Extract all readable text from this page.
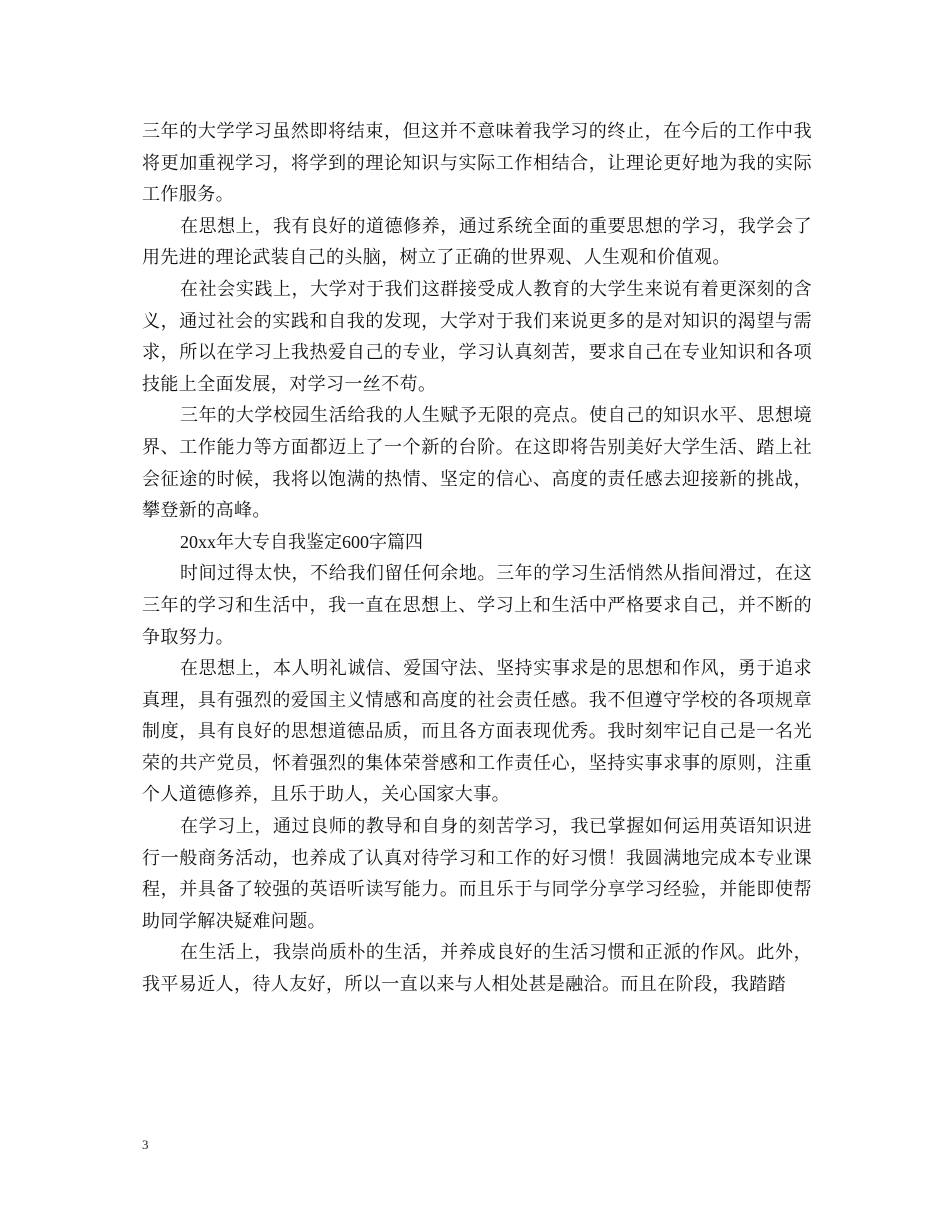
三年的大学学习虽然即将结束，但这并不意味着我学习的终止，在今后的工作中我将更加重视学习，将学到的理论知识与实际工作相结合，让理论更好地为我的实际工作服务。

在思想上，我有良好的道德修养，通过系统全面的重要思想的学习，我学会了用先进的理论武装自己的头脑，树立了正确的世界观、人生观和价值观。

在社会实践上，大学对于我们这群接受成人教育的大学生来说有着更深刻的含义，通过社会的实践和自我的发现，大学对于我们来说更多的是对知识的渴望与需求，所以在学习上我热爱自己的专业，学习认真刻苦，要求自己在专业知识和各项技能上全面发展，对学习一丝不苟。

三年的大学校园生活给我的人生赋予无限的亮点。使自己的知识水平、思想境界、工作能力等方面都迈上了一个新的台阶。在这即将告别美好大学生活、踏上社会征途的时候，我将以饱满的热情、坚定的信心、高度的责任感去迎接新的挑战，攀登新的高峰。

20xx年大专自我鉴定600字篇四

时间过得太快，不给我们留任何余地。三年的学习生活悄然从指间滑过，在这三年的学习和生活中，我一直在思想上、学习上和生活中严格要求自己，并不断的争取努力。

在思想上，本人明礼诚信、爱国守法、坚持实事求是的思想和作风，勇于追求真理，具有强烈的爱国主义情感和高度的社会责任感。我不但遵守学校的各项规章制度，具有良好的思想道德品质，而且各方面表现优秀。我时刻牢记自己是一名光荣的共产党员，怀着强烈的集体荣誉感和工作责任心，坚持实事求事的原则，注重个人道德修养，且乐于助人，关心国家大事。

在学习上，通过良师的教导和自身的刻苦学习，我已掌握如何运用英语知识进行一般商务活动，也养成了认真对待学习和工作的好习惯！我圆满地完成本专业课程，并具备了较强的英语听读写能力。而且乐于与同学分享学习经验，并能即使帮助同学解决疑难问题。

在生活上，我崇尚质朴的生活，并养成良好的生活习惯和正派的作风。此外，我平易近人，待人友好，所以一直以来与人相处甚是融洽。而且在阶段，我踏踏

3
